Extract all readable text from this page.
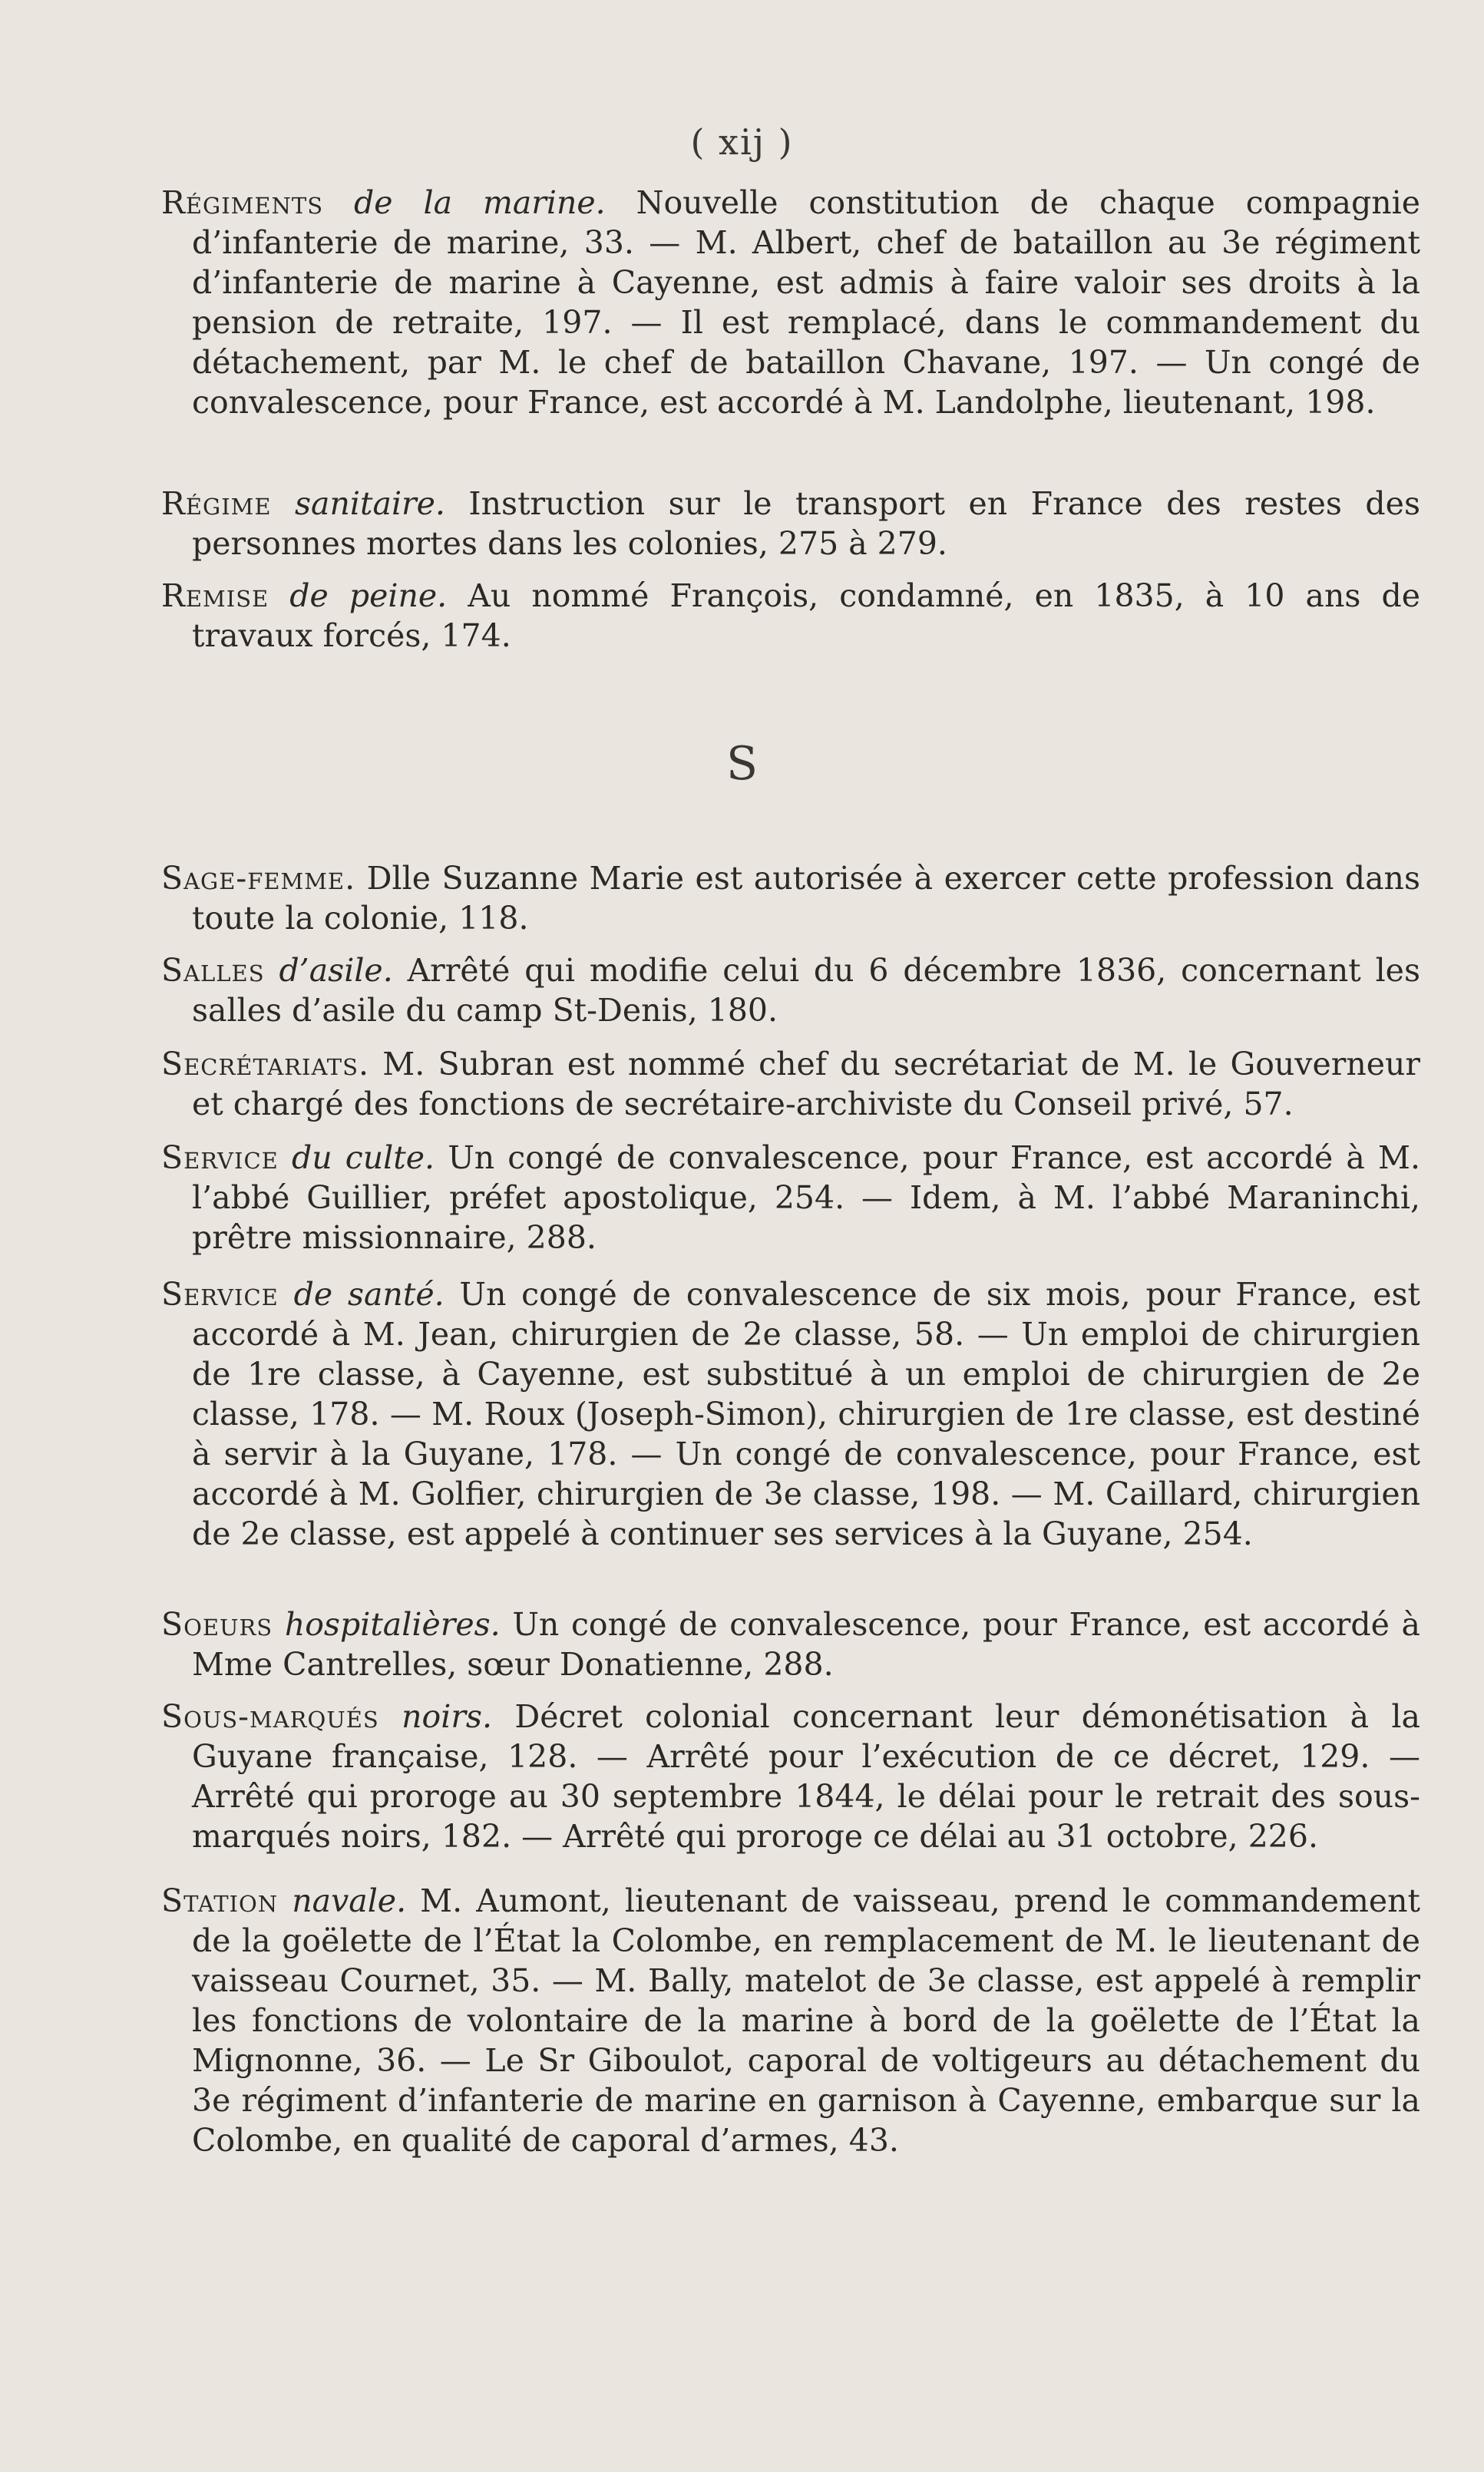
( xij )
Régiments de la marine. Nouvelle constitution de chaque compagnie d’infanterie de marine, 33. — M. Albert, chef de bataillon au 3e régiment d’infanterie de marine à Cayenne, est admis à faire valoir ses droits à la pension de retraite, 197. — Il est remplacé, dans le commandement du détachement, par M. le chef de bataillon Chavane, 197. — Un congé de convalescence, pour France, est accordé à M. Landolphe, lieutenant, 198.
Régime sanitaire. Instruction sur le transport en France des restes des personnes mortes dans les colonies, 275 à 279.
Remise de peine. Au nommé François, condamné, en 1835, à 10 ans de travaux forcés, 174.
S
Sage-femme. Dlle Suzanne Marie est autorisée à exercer cette profession dans toute la colonie, 118.
Salles d’asile. Arrêté qui modifie celui du 6 décembre 1836, concernant les salles d’asile du camp St-Denis, 180.
Secrétariats. M. Subran est nommé chef du secrétariat de M. le Gouverneur et chargé des fonctions de secrétaire-archiviste du Conseil privé, 57.
Service du culte. Un congé de convalescence, pour France, est accordé à M. l’abbé Guillier, préfet apostolique, 254. — Idem, à M. l’abbé Maraninchi, prêtre missionnaire, 288.
Service de santé. Un congé de convalescence de six mois, pour France, est accordé à M. Jean, chirurgien de 2e classe, 58. — Un emploi de chirurgien de 1re classe, à Cayenne, est substitué à un emploi de chirurgien de 2e classe, 178. — M. Roux (Joseph-Simon), chirurgien de 1re classe, est destiné à servir à la Guyane, 178. — Un congé de convalescence, pour France, est accordé à M. Golfier, chirurgien de 3e classe, 198. — M. Caillard, chirurgien de 2e classe, est appelé à continuer ses services à la Guyane, 254.
Soeurs hospitalières. Un congé de convalescence, pour France, est accordé à Mme Cantrelles, sœur Donatienne, 288.
Sous-marqués noirs. Décret colonial concernant leur démonétisation à la Guyane française, 128. — Arrêté pour l’exécution de ce décret, 129. — Arrêté qui proroge au 30 septembre 1844, le délai pour le retrait des sous-marqués noirs, 182. — Arrêté qui proroge ce délai au 31 octobre, 226.
Station navale. M. Aumont, lieutenant de vaisseau, prend le commandement de la goëlette de l’État la Colombe, en remplacement de M. le lieutenant de vaisseau Cournet, 35. — M. Bally, matelot de 3e classe, est appelé à remplir les fonctions de volontaire de la marine à bord de la goëlette de l’État la Mignonne, 36. — Le Sr Giboulot, caporal de voltigeurs au détachement du 3e régiment d’infanterie de marine en garnison à Cayenne, embarque sur la Colombe, en qualité de caporal d’armes, 43.
